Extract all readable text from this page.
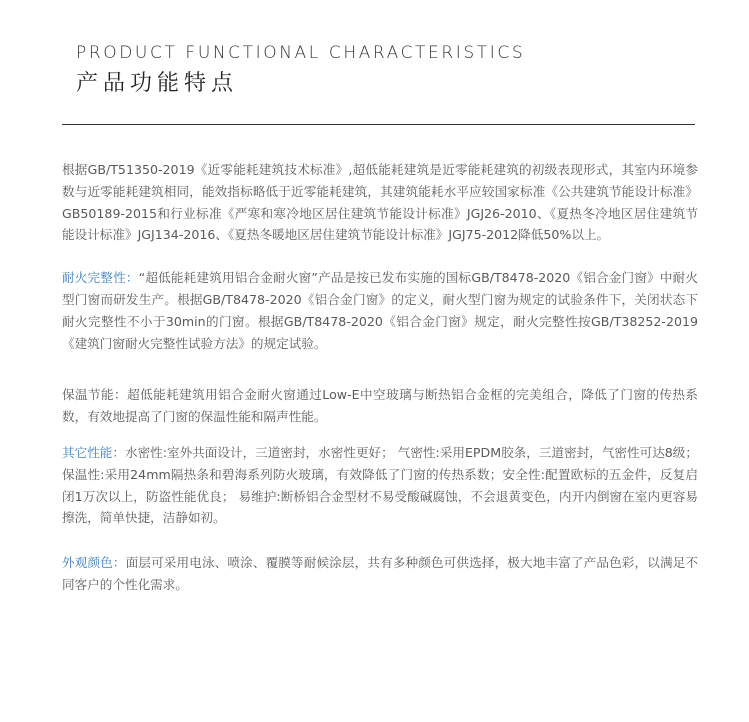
PRODUCT FUNCTIONAL CHARACTERISTICS
产品功能特点

根据GB/T51350-2019《近零能耗建筑技术标准》,超低能耗建筑是近零能耗建筑的初级表现形式，其室内环境参数与近零能耗建筑相同，能效指标略低于近零能耗建筑，其建筑能耗水平应较国家标准《公共建筑节能设计标准》GB50189-2015和行业标准《严寒和寒冷地区居住建筑节能设计标准》JGJ26-2010、《夏热冬冷地区居住建筑节能设计标准》JGJ134-2016、《夏热冬暖地区居住建筑节能设计标准》JGJ75-2012降低50%以上。

耐火完整性：“超低能耗建筑用铝合金耐火窗”产品是按已发布实施的国标GB/T8478-2020《铝合金门窗》中耐火型门窗而研发生产。根据GB/T8478-2020《铝合金门窗》的定义，耐火型门窗为规定的试验条件下，关闭状态下耐火完整性不小于30min的门窗。根据GB/T8478-2020《铝合金门窗》规定，耐火完整性按GB/T38252-2019《建筑门窗耐火完整性试验方法》的规定试验。

保温节能：超低能耗建筑用铝合金耐火窗通过Low-E中空玻璃与断热铝合金框的完美组合，降低了门窗的传热系数，有效地提高了门窗的保温性能和隔声性能。

其它性能：水密性:室外共面设计，三道密封，水密性更好； 气密性:采用EPDM胶条，三道密封，气密性可达8级； 保温性:采用24mm隔热条和碧海系列防火玻璃，有效降低了门窗的传热系数；安全性:配置欧标的五金件，反复启闭1万次以上，防盗性能优良； 易维护:断桥铝合金型材不易受酸碱腐蚀，不会退黄变色，内开内倒窗在室内更容易擦洗，简单快捷，洁静如初。

外观颜色：面层可采用电泳、喷涂、覆膜等耐候涂层，共有多种颜色可供选择，极大地丰富了产品色彩，以满足不同客户的个性化需求。
